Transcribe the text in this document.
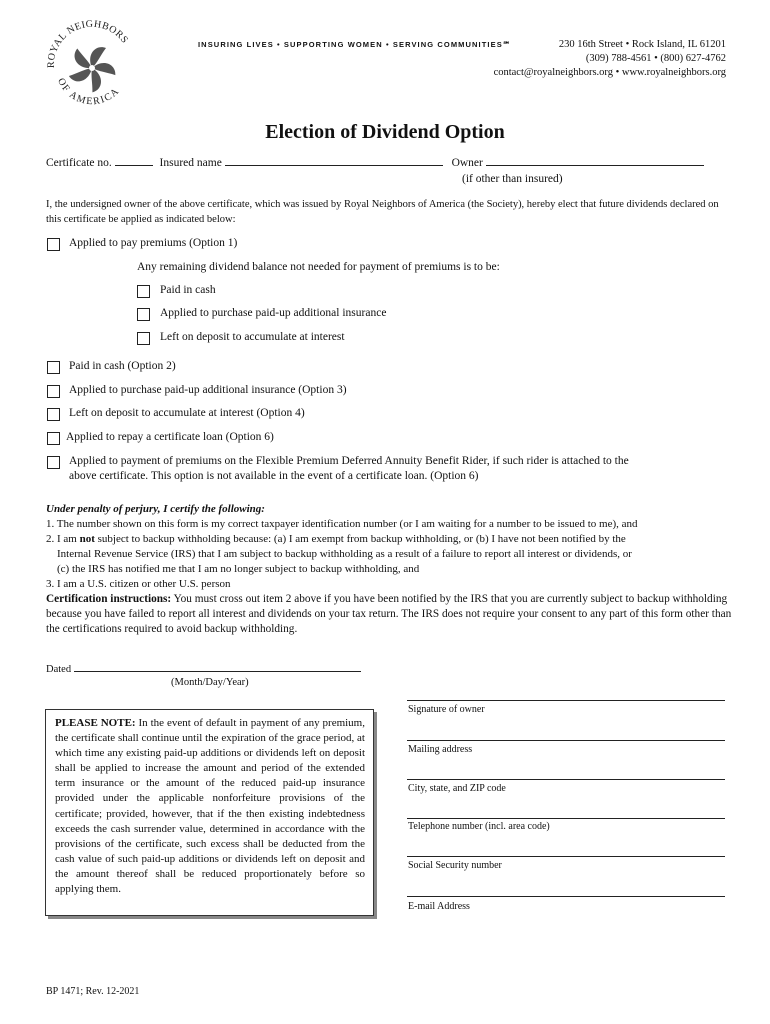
ROYAL NEIGHBORS
OF AMERICA
INSURING LIVES • SUPPORTING WOMEN • SERVING COMMUNITIES℠	230 16th Street • Rock Island, IL 61201
(309) 788-4561 • (800) 627-4762
contact@royalneighbors.org • www.royalneighbors.org
Election of Dividend Option
Certificate no.	Insured name	Owner
(if other than insured)
I, the undersigned owner of the above certificate, which was issued by Royal Neighbors of America (the Society), hereby elect that future dividends declared on this certificate be applied as indicated below:
Applied to pay premiums (Option 1)
Any remaining dividend balance not needed for payment of premiums is to be:
Paid in cash
Applied to purchase paid-up additional insurance
Left on deposit to accumulate at interest
Paid in cash (Option 2)
Applied to purchase paid-up additional insurance (Option 3)
Left on deposit to accumulate at interest (Option 4)
Applied to repay a certificate loan (Option 6)
Applied to payment of premiums on the Flexible Premium Deferred Annuity Benefit Rider, if such rider is attached to the
above certificate. This option is not available in the event of a certificate loan. (Option 6)
Under penalty of perjury, I certify the following:
1. The number shown on this form is my correct taxpayer identification number (or I am waiting for a number to be issued to me), and
2. I am not subject to backup withholding because: (a) I am exempt from backup withholding, or (b) I have not been notified by the
Internal Revenue Service (IRS) that I am subject to backup withholding as a result of a failure to report all interest or dividends, or
(c) the IRS has notified me that I am no longer subject to backup withholding, and
3. I am a U.S. citizen or other U.S. person
Certification instructions: You must cross out item 2 above if you have been notified by the IRS that you are currently subject to backup withholding because you have failed to report all interest and dividends on your tax return. The IRS does not require your consent to any part of this form other than the certifications required to avoid backup withholding.
Dated
(Month/Day/Year)
PLEASE NOTE: In the event of default in payment of any premium, the certificate shall continue until the expiration of the grace period, at which time any existing paid-up additions or dividends left on deposit shall be applied to increase the amount and period of the extended term insurance or the amount of the reduced paid-up insurance provided under the applicable nonforfeiture provisions of the certificate; provided, however, that if the then existing indebtedness exceeds the cash surrender value, determined in accordance with the provisions of the certificate, such excess shall be deducted from the cash value of such paid-up additions or dividends left on deposit and the amount thereof shall be reduced proportionately before so applying them.
Signature of owner
Mailing address
City, state, and ZIP code
Telephone number (incl. area code)
Social Security number
E-mail Address
BP 1471; Rev. 12-2021
